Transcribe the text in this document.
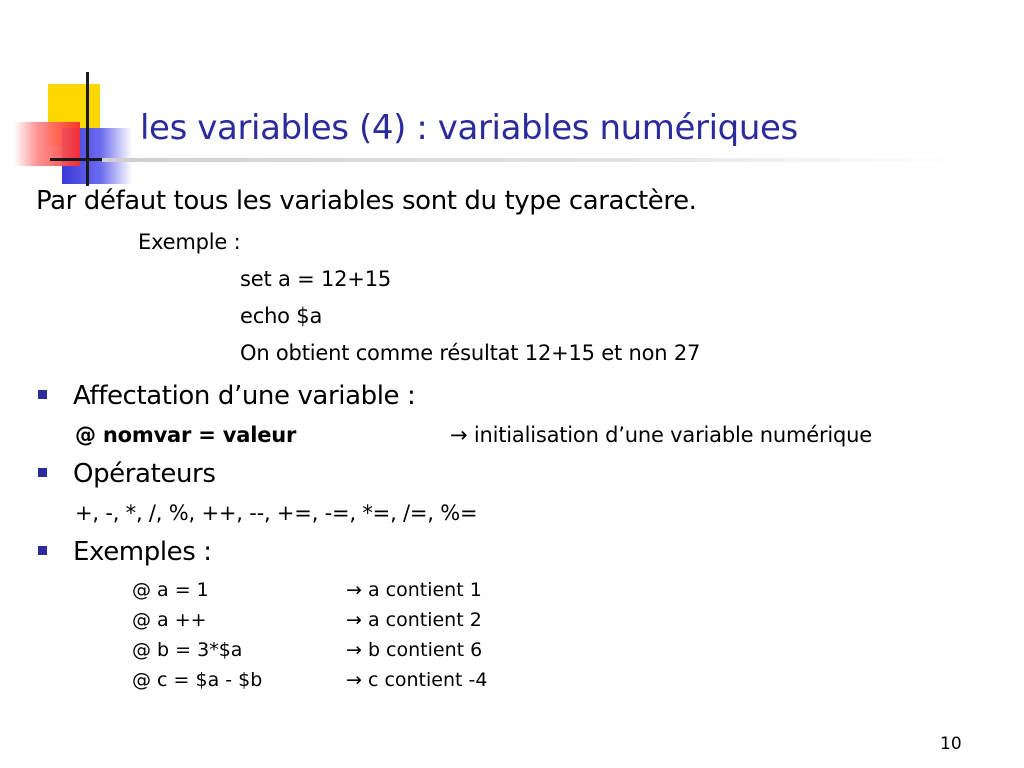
les variables (4) : variables numériques
Par défaut tous les variables sont du type caractère.
Exemple :
set a = 12+15
echo $a
On obtient comme résultat 12+15 et non 27
Affectation d’une variable :
@ nomvar = valeur	→ initialisation d’une variable numérique
Opérateurs
+, -, *, /, %, ++, --, +=, -=, *=, /=, %=
Exemples :
@ a = 1	→ a contient 1
@ a ++	→ a contient 2
@ b = 3*$a	→ b contient 6
@ c = $a - $b	→ c contient -4
10
